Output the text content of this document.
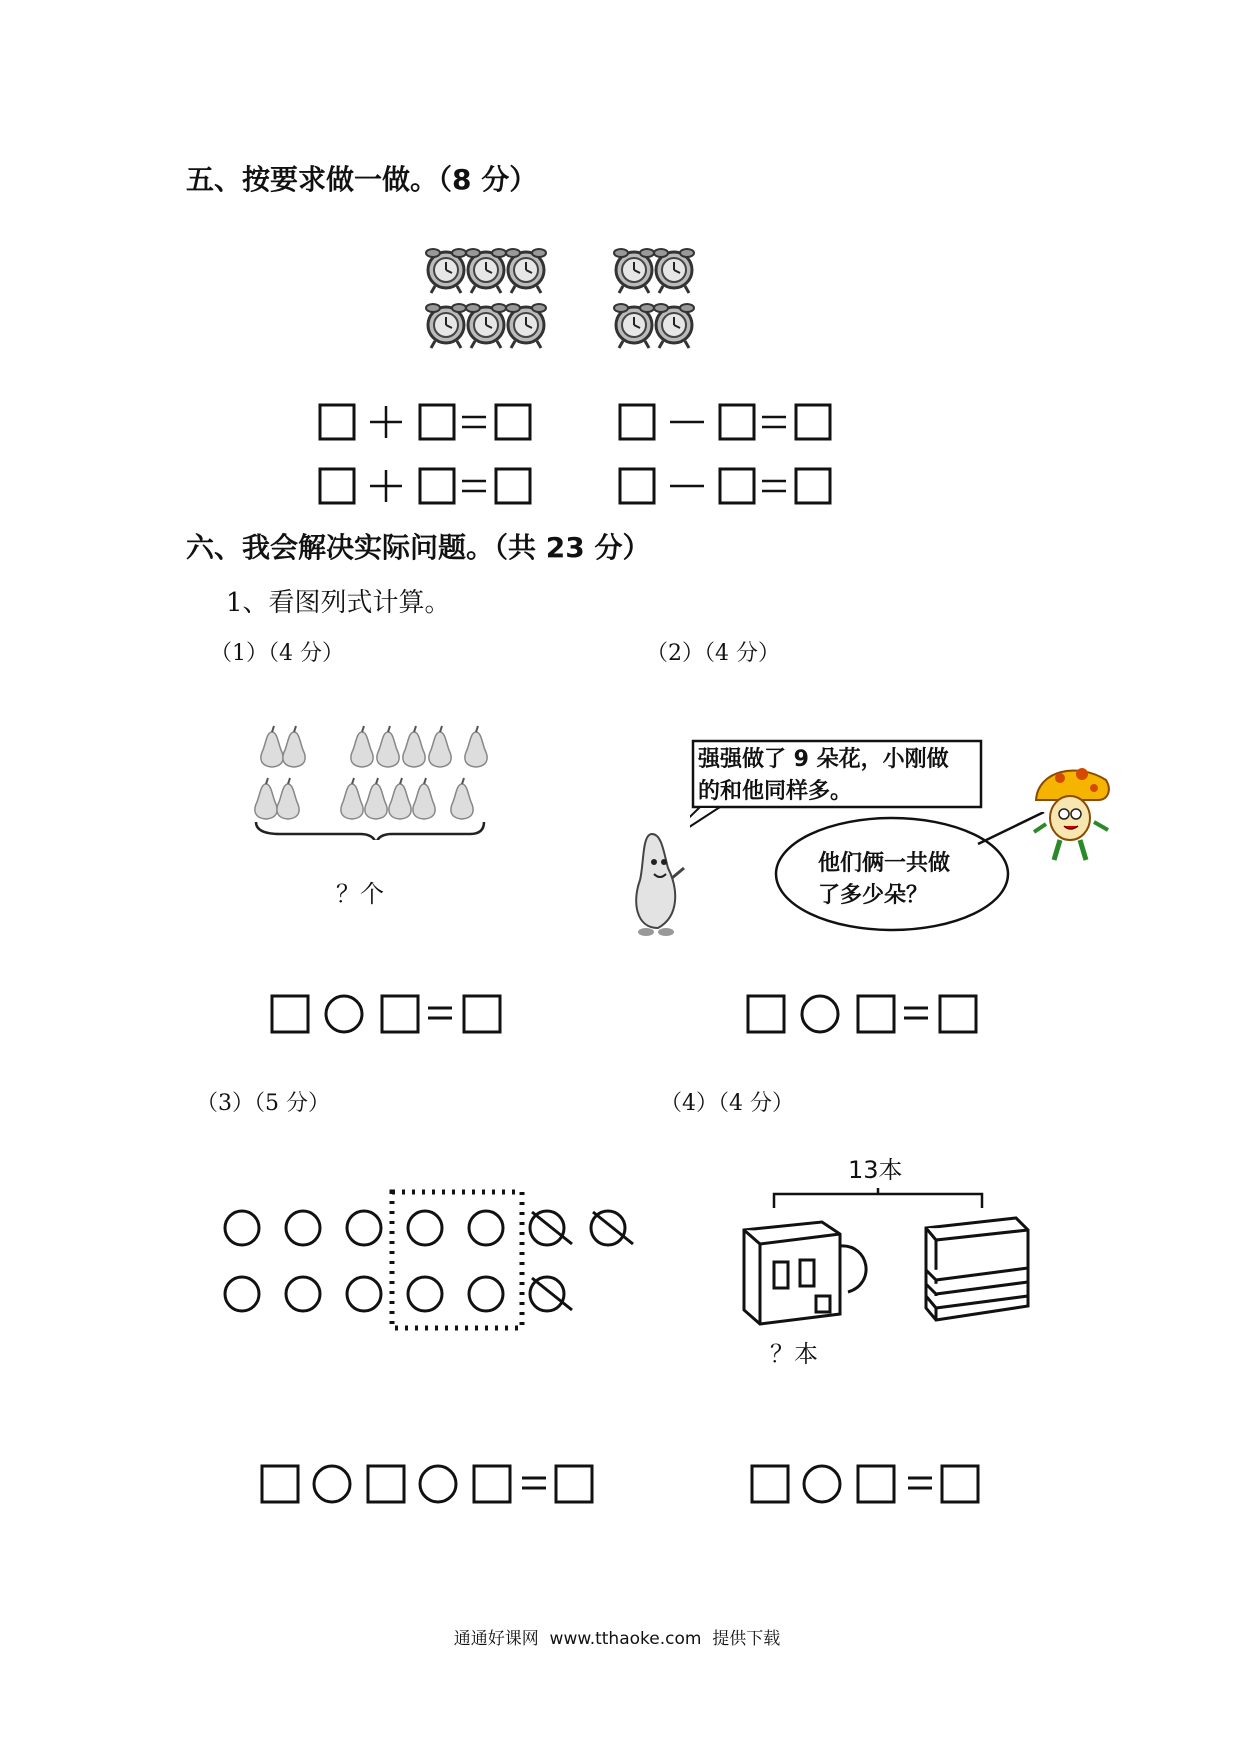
五、按要求做一做。（8 分）
六、我会解决实际问题。（共 23 分）
1、看图列式计算。
（1）（4 分）	（2）（4 分）
？个
强强做了 9 朵花，小刚做
的和他同样多。
他们俩一共做
了多少朵？
（3）（5 分）	（4）（4 分）
13本
？本
通通好课网  www.tthaoke.com  提供下载
